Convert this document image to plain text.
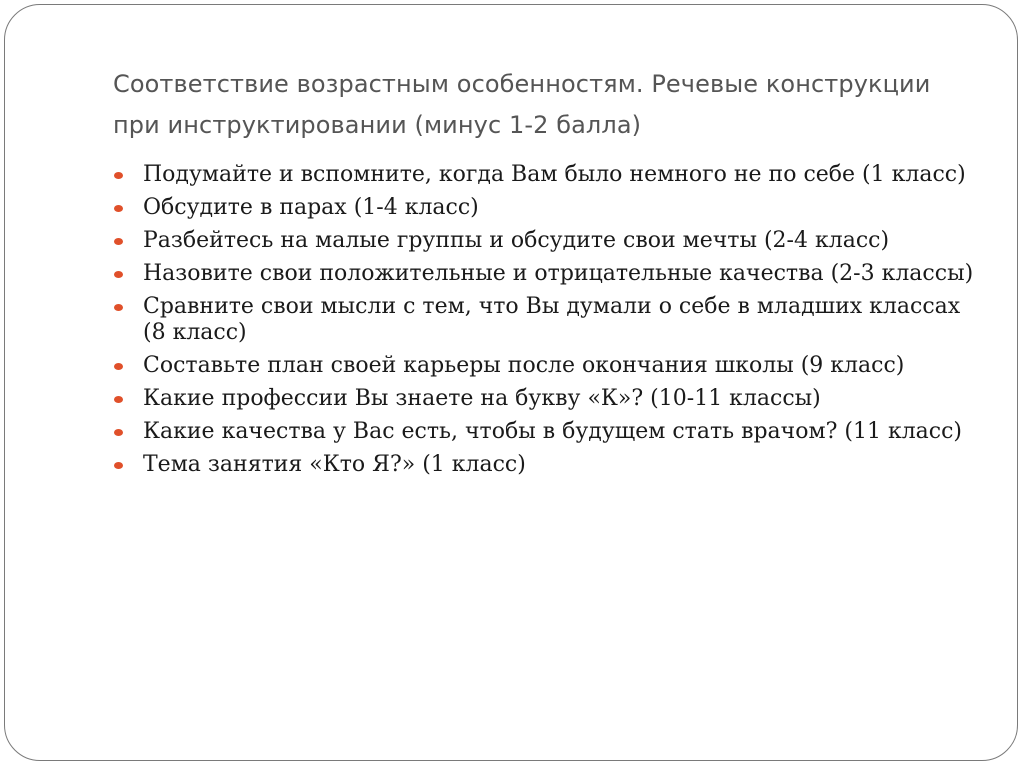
Соответствие возрастным особенностям. Речевые конструкции при инструктировании (минус 1-2 балла)
Подумайте и вспомните, когда Вам было немного не по себе (1 класс)
Обсудите в парах (1-4 класс)
Разбейтесь на малые группы и обсудите свои мечты (2-4 класс)
Назовите свои положительные и отрицательные качества (2-3 классы)
Сравните свои мысли с тем, что Вы думали о себе в младших классах (8 класс)
Составьте план своей карьеры после окончания школы (9 класс)
Какие профессии Вы знаете на букву «К»? (10-11 классы)
Какие качества у Вас есть, чтобы в будущем стать врачом? (11 класс)
Тема занятия «Кто Я?» (1 класс)
